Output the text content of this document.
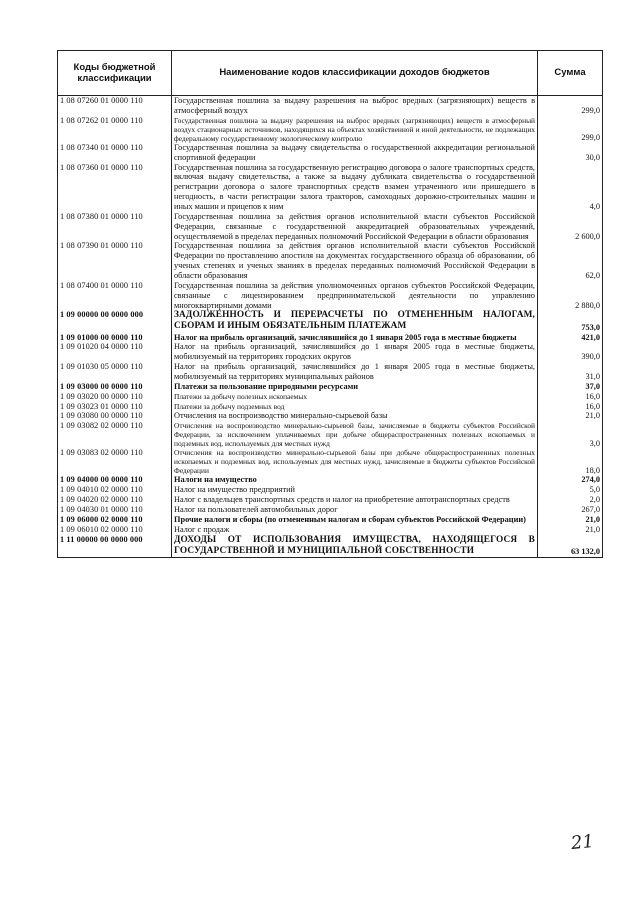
Коды бюджетной классификации	Наименование кодов классификации доходов бюджетов	Сумма
1 08 07260 01 0000 110	Государственная пошлина за выдачу разрешения на выброс вредных (загрязняющих) веществ в атмосферный воздух	299,0
1 08 07262 01 0000 110	Государственная пошлина за выдачу разрешения на выброс вредных (загрязняющих) веществ в атмосферный воздух стационарных источников, находящихся на объектах хозяйственной и иной деятельности, не подлежащих федеральному государственному экологическому контролю	299,0
1 08 07340 01 0000 110	Государственная пошлина за выдачу свидетельства о государственной аккредитации региональной спортивной федерации	30,0
1 08 07360 01 0000 110	Государственная пошлина за государственную регистрацию договора о залоге транспортных средств, включая выдачу свидетельства, а также за выдачу дубликата свидетельства о государственной регистрации договора о залоге транспортных средств взамен утраченного или пришедшего в негодность, в части регистрации залога тракторов, самоходных дорожно-строительных машин и иных машин и прицепов к ним	4,0
1 08 07380 01 0000 110	Государственная пошлина за действия органов исполнительной власти субъектов Российской Федерации, связанные с государственной аккредитацией образовательных учреждений, осуществляемой в пределах переданных полномочий Российской Федерации в области образования	2 600,0
1 08 07390 01 0000 110	Государственная пошлина за действия органов исполнительной власти субъектов Российской Федерации по проставлению апостиля на документах государственного образца об образовании, об ученых степенях и ученых званиях в пределах переданных полномочий Российской Федерации в области образования	62,0
1 08 07400 01 0000 110	Государственная пошлина за действия уполномоченных органов субъектов Российской Федерации, связанные с лицензированием предпринимательской деятельности по управлению многоквартирными домами	2 880,0
1 09 00000 00 0000 000	ЗАДОЛЖЕННОСТЬ И ПЕРЕРАСЧЕТЫ ПО ОТМЕНЕННЫМ НАЛОГАМ, СБОРАМ И ИНЫМ ОБЯЗАТЕЛЬНЫМ ПЛАТЕЖАМ	753,0
1 09 01000 00 0000 110	Налог на прибыль организаций, зачислявшийся до 1 января 2005 года в местные бюджеты	421,0
1 09 01020 04 0000 110	Налог на прибыль организаций, зачислявшийся до 1 января 2005 года в местные бюджеты, мобилизуемый на территориях городских округов	390,0
1 09 01030 05 0000 110	Налог на прибыль организаций, зачислявшийся до 1 января 2005 года в местные бюджеты, мобилизуемый на территориях муниципальных районов	31,0
1 09 03000 00 0000 110	Платежи за пользование природными ресурсами	37,0
1 09 03020 00 0000 110	Платежи за добычу полезных ископаемых	16,0
1 09 03023 01 0000 110	Платежи за добычу подземных вод	16,0
1 09 03080 00 0000 110	Отчисления на воспроизводство минерально-сырьевой базы	21,0
1 09 03082 02 0000 110	Отчисления на воспроизводство минерально-сырьевой базы, зачисляемые в бюджеты субъектов Российской Федерации, за исключением уплачиваемых при добыче общераспространенных полезных ископаемых и подземных вод, используемых для местных нужд	3,0
1 09 03083 02 0000 110	Отчисления на воспроизводство минерально-сырьевой базы при добыче общераспространенных полезных ископаемых и подземных вод, используемых для местных нужд, зачисляемые в бюджеты субъектов Российской Федерации	18,0
1 09 04000 00 0000 110	Налоги на имущество	274,0
1 09 04010 02 0000 110	Налог на имущество предприятий	5,0
1 09 04020 02 0000 110	Налог с владельцев транспортных средств и налог на приобретение автотранспортных средств	2,0
1 09 04030 01 0000 110	Налог на пользователей автомобильных дорог	267,0
1 09 06000 02 0000 110	Прочие налоги и сборы (по отмененным налогам и сборам субъектов Российской Федерации)	21,0
1 09 06010 02 0000 110	Налог с продаж	21,0
1 11 00000 00 0000 000	ДОХОДЫ ОТ ИСПОЛЬЗОВАНИЯ ИМУЩЕСТВА, НАХОДЯЩЕГОСЯ В ГОСУДАРСТВЕННОЙ И МУНИЦИПАЛЬНОЙ СОБСТВЕННОСТИ	63 132,0
21
